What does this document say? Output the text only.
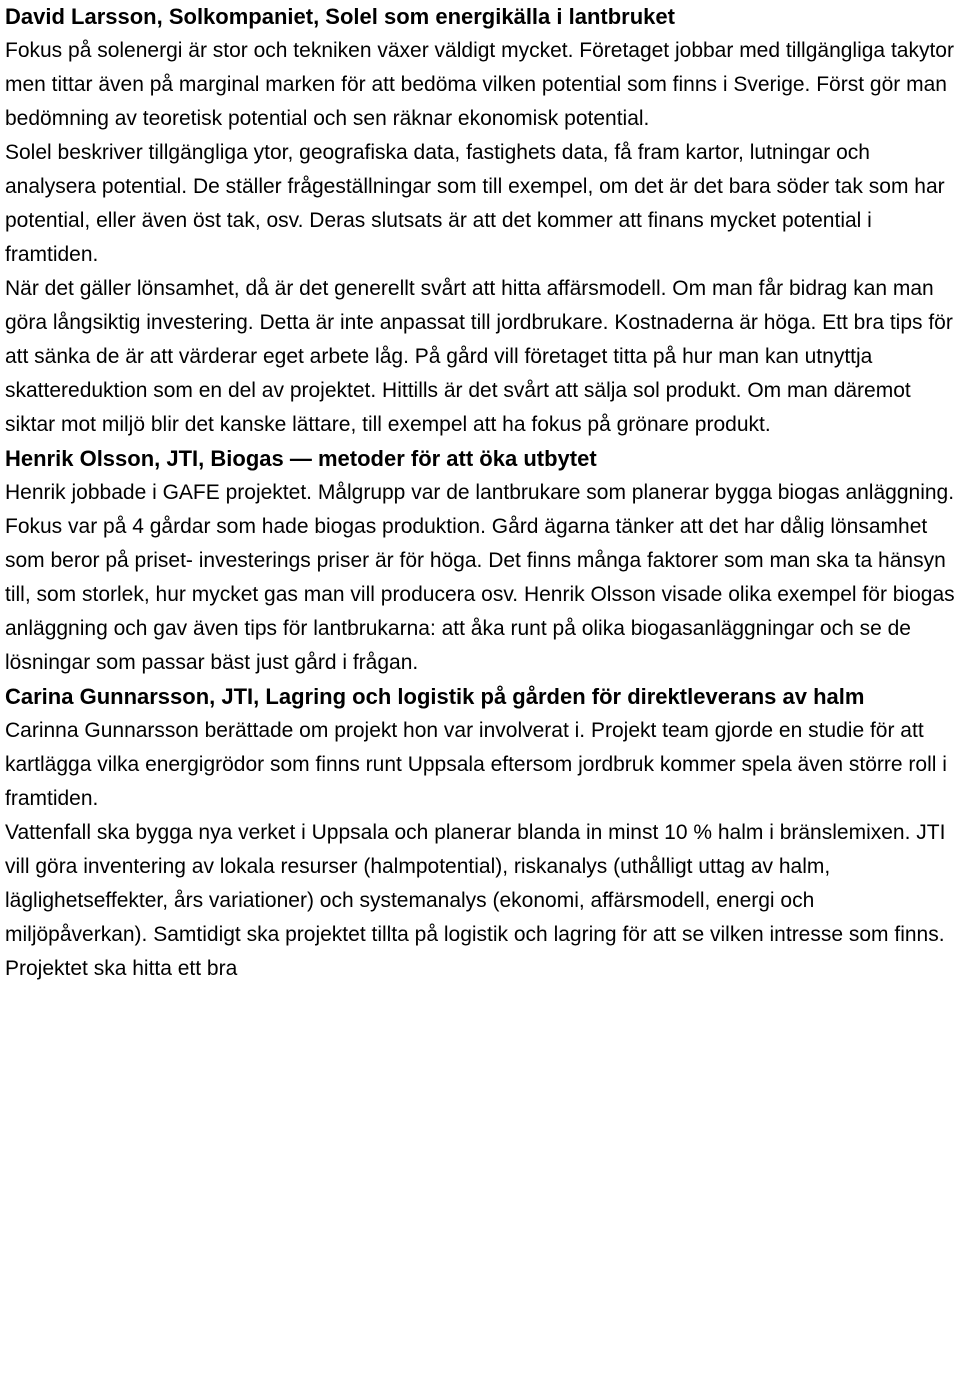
David Larsson, Solkompaniet, Solel som energikälla i lantbruket

Fokus på solenergi är stor och tekniken växer väldigt mycket. Företaget jobbar med tillgängliga takytor men tittar även på marginal marken för att bedöma vilken potential som finns i Sverige. Först gör man bedömning av teoretisk potential och sen räknar ekonomisk potential.

Solel beskriver tillgängliga ytor, geografiska data, fastighets data, få fram kartor, lutningar och analysera potential. De ställer frågeställningar som till exempel, om det är det bara söder tak som har potential, eller även öst tak, osv. Deras slutsats är att det kommer att finans mycket potential i framtiden.

När det gäller lönsamhet, då är det generellt svårt att hitta affärsmodell. Om man får bidrag kan man göra långsiktig investering. Detta är inte anpassat till jordbrukare. Kostnaderna är höga. Ett bra tips för att sänka de är att värderar eget arbete låg. På gård vill företaget titta på hur man kan utnyttja skattereduktion som en del av projektet. Hittills är det svårt att sälja sol produkt. Om man däremot siktar mot miljö blir det kanske lättare, till exempel att ha fokus på grönare produkt.

Henrik Olsson, JTI, Biogas — metoder för att öka utbytet

Henrik jobbade i GAFE projektet. Målgrupp var de lantbrukare som planerar bygga biogas anläggning. Fokus var på 4 gårdar som hade biogas produktion. Gård ägarna tänker att det har dålig lönsamhet som beror på priset- investerings priser är för höga. Det finns många faktorer som man ska ta hänsyn till, som storlek, hur mycket gas man vill producera osv. Henrik Olsson visade olika exempel för biogas anläggning och gav även tips för lantbrukarna: att åka runt på olika biogasanläggningar och se de lösningar som passar bäst just gård i frågan.

Carina Gunnarsson, JTI, Lagring och logistik på gården för direktleverans av halm

Carinna Gunnarsson berättade om projekt hon var involverat i. Projekt team gjorde en studie för att kartlägga vilka energigrödor som finns runt Uppsala eftersom jordbruk kommer spela även större roll i framtiden.

Vattenfall ska bygga nya verket i Uppsala och planerar blanda in minst 10 % halm i bränslemixen. JTI vill göra inventering av lokala resurser (halmpotential), riskanalys (uthålligt uttag av halm, läglighetseffekter, års variationer) och systemanalys (ekonomi, affärsmodell, energi och miljöpåverkan). Samtidigt ska projektet tillta på logistik och lagring för att se vilken intresse som finns. Projektet ska hitta ett bra
